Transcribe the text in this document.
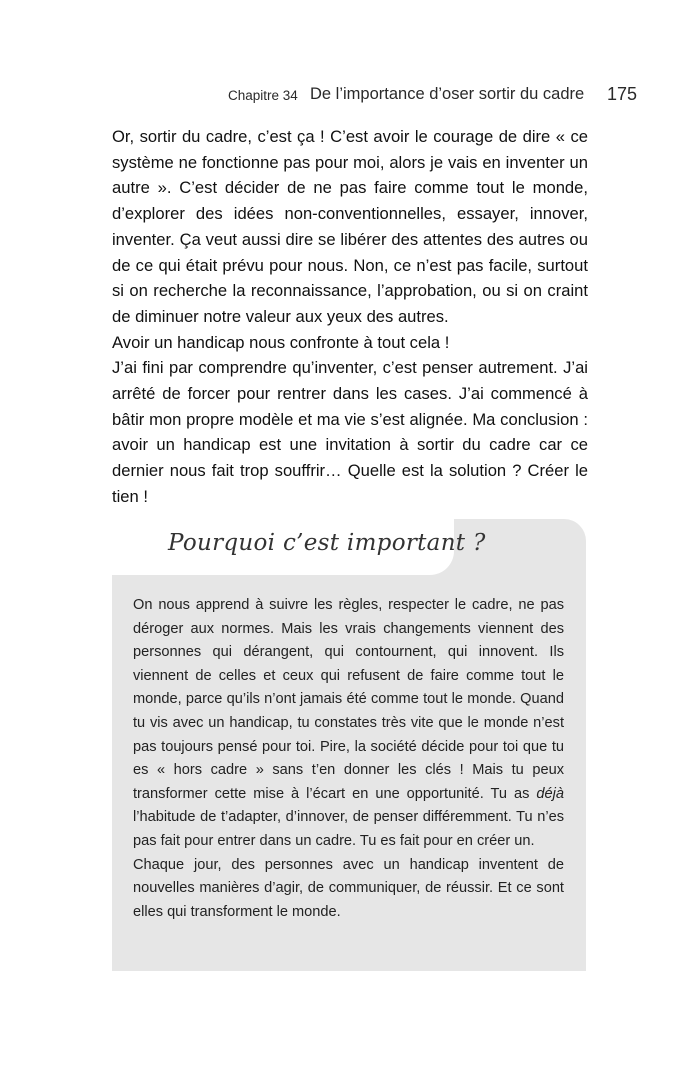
Chapitre 34 De l’importance d’oser sortir du cadre 175

Or, sortir du cadre, c’est ça ! C’est avoir le courage de dire « ce système ne fonctionne pas pour moi, alors je vais en inventer un autre ». C’est décider de ne pas faire comme tout le monde, d’explorer des idées non-conventionnelles, essayer, innover, inventer. Ça veut aussi dire se libérer des attentes des autres ou de ce qui était prévu pour nous. Non, ce n’est pas facile, surtout si on recherche la reconnaissance, l’approbation, ou si on craint de diminuer notre valeur aux yeux des autres.

Avoir un handicap nous confronte à tout cela !

J’ai fini par comprendre qu’inventer, c’est penser autrement. J’ai arrêté de forcer pour rentrer dans les cases. J’ai commencé à bâtir mon propre modèle et ma vie s’est alignée. Ma conclusion : avoir un handicap est une invitation à sortir du cadre car ce dernier nous fait trop souffrir… Quelle est la solution ? Créer le tien !

Pourquoi c’est important ?

On nous apprend à suivre les règles, respecter le cadre, ne pas déroger aux normes. Mais les vrais changements viennent des personnes qui dérangent, qui contournent, qui innovent. Ils viennent de celles et ceux qui refusent de faire comme tout le monde, parce qu’ils n’ont jamais été comme tout le monde. Quand tu vis avec un handicap, tu constates très vite que le monde n’est pas toujours pensé pour toi. Pire, la société décide pour toi que tu es « hors cadre » sans t’en donner les clés ! Mais tu peux transformer cette mise à l’écart en une opportunité. Tu as déjà l’habitude de t’adapter, d’innover, de penser différemment. Tu n’es pas fait pour entrer dans un cadre. Tu es fait pour en créer un.

Chaque jour, des personnes avec un handicap inventent de nouvelles manières d’agir, de communiquer, de réussir. Et ce sont elles qui transforment le monde.
